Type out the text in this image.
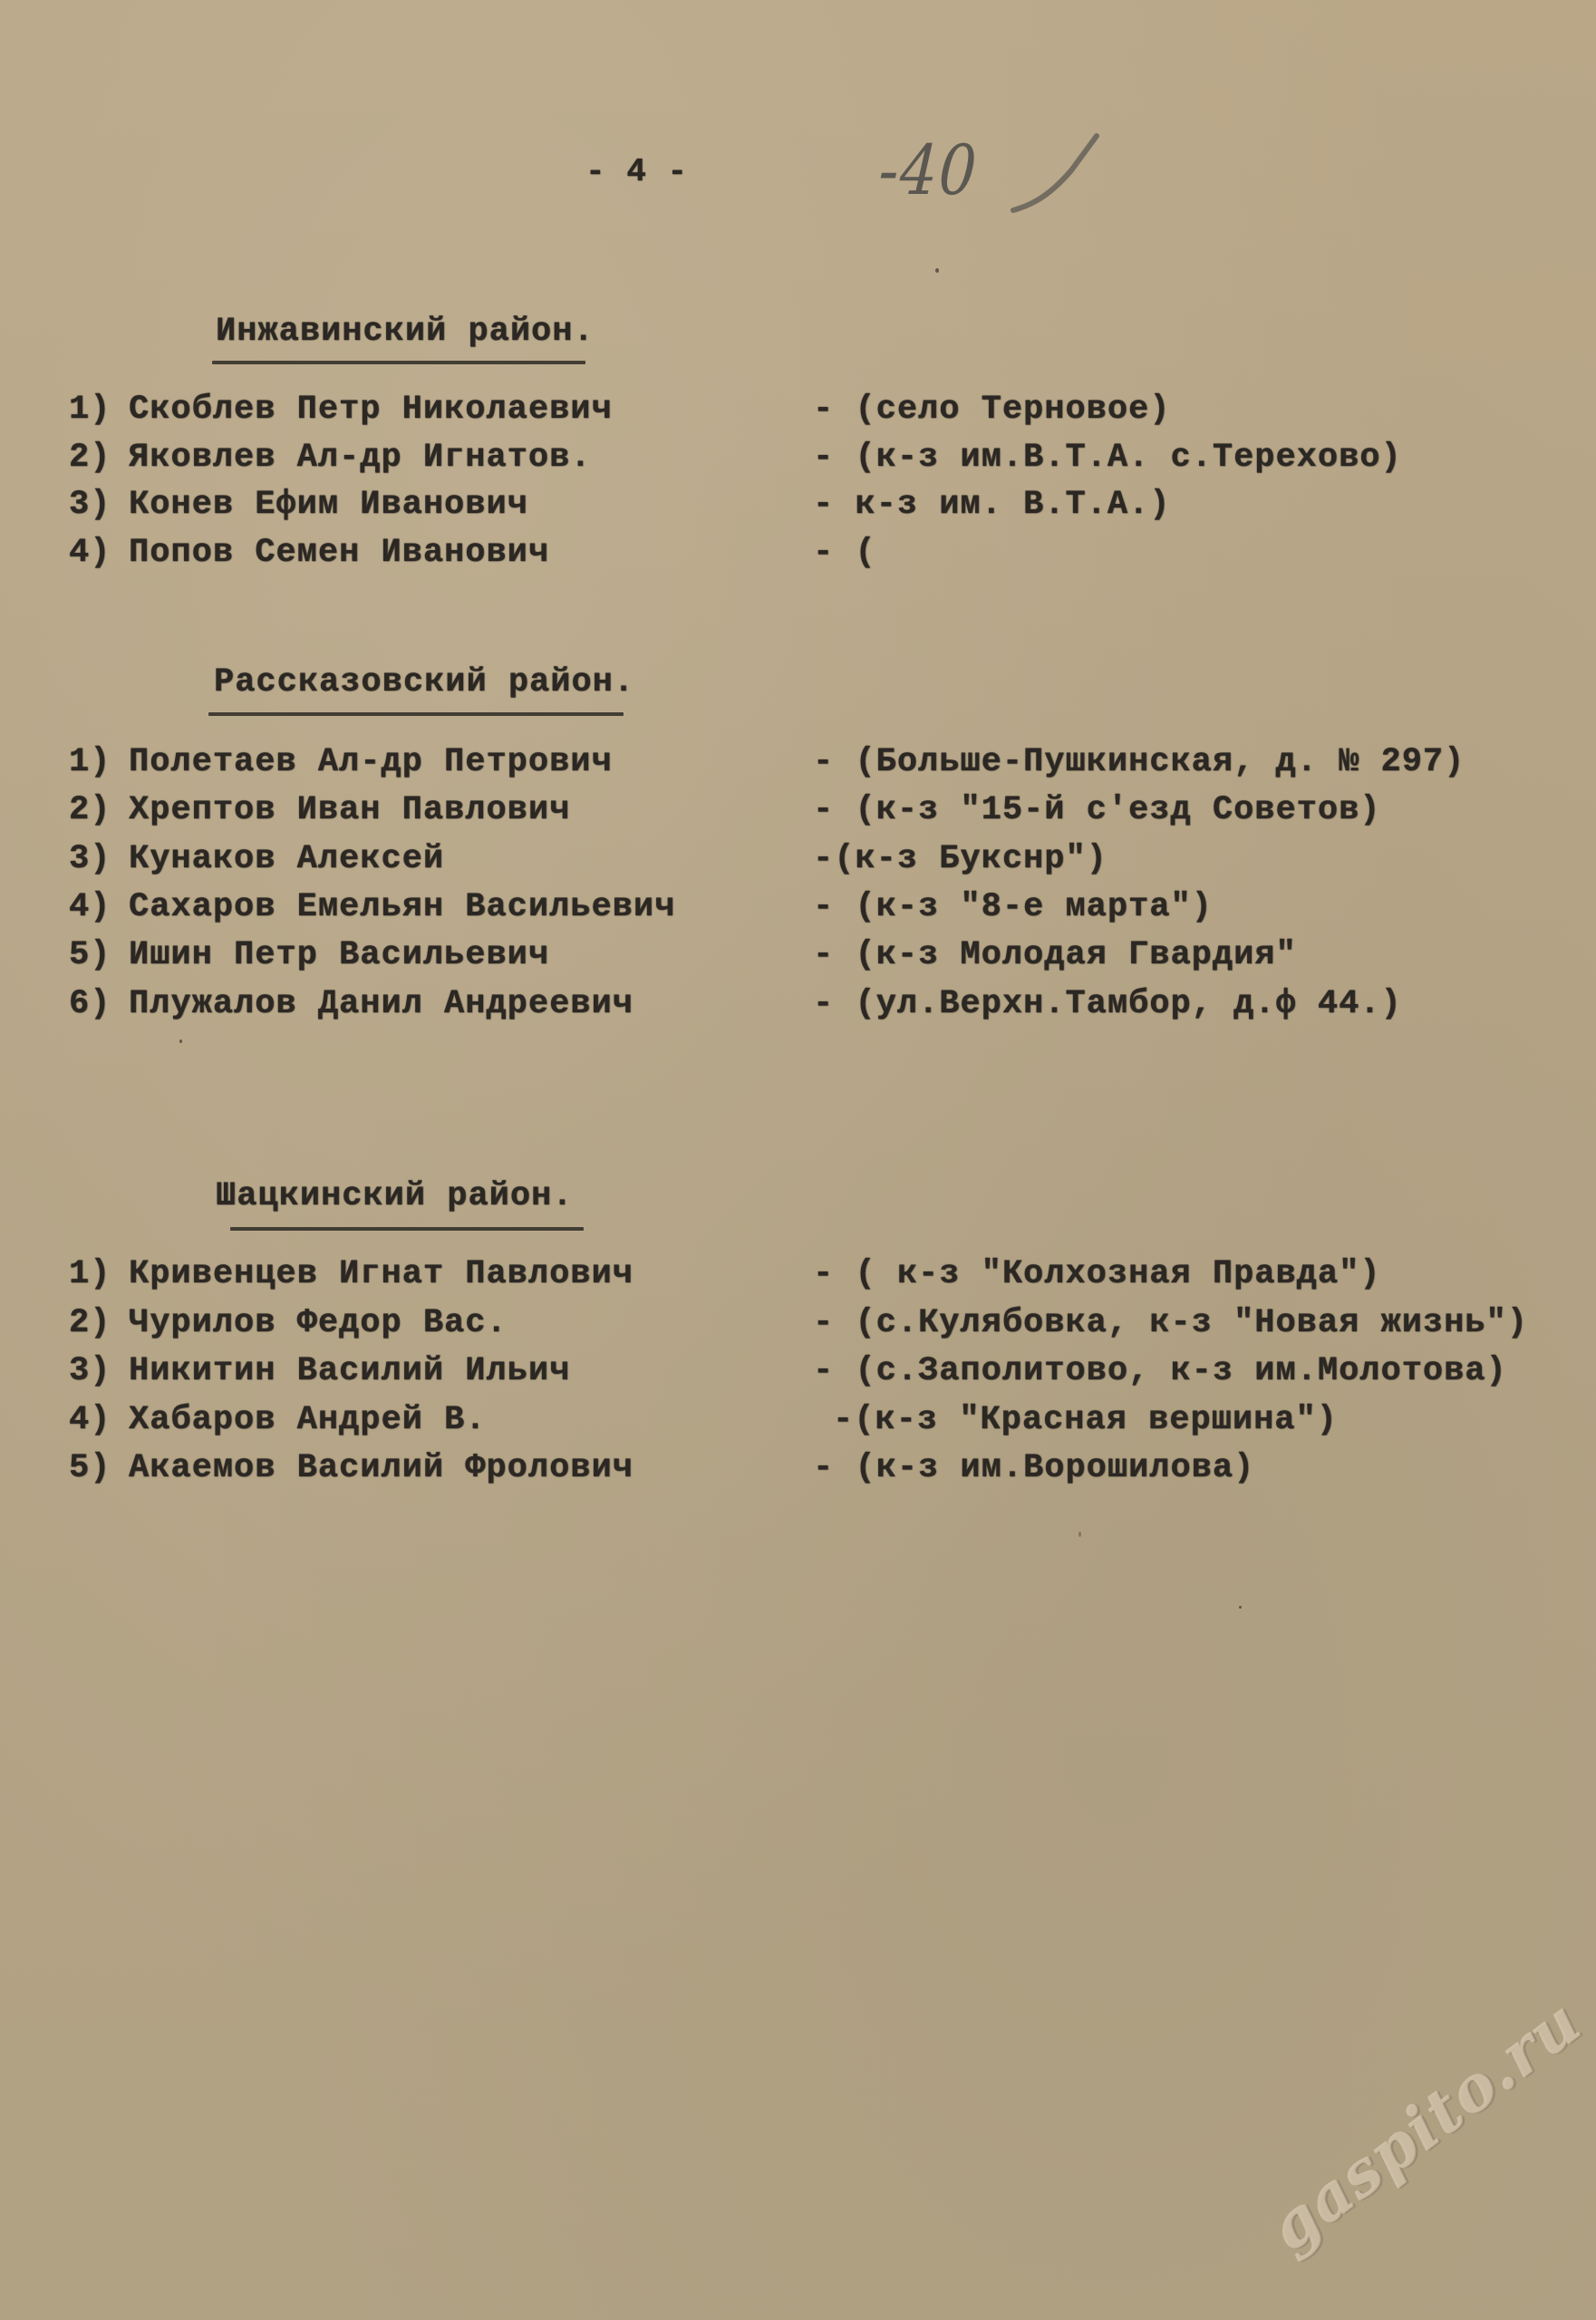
- 4 -	-40
Инжавинский район.
1) Скоблев Петр Николаевич	- (село Терновое)
2) Яковлев Ал-др Игнатов.	- (к-з им.В.Т.А. с.Терехово)
3) Конев Ефим Иванович	- к-з им. В.Т.А.)
4) Попов Семен Иванович	- (
Рассказовский район.
1) Полетаев Ал-др Петрович	- (Больше-Пушкинская, д. № 297)
2) Хрептов Иван Павлович	- (к-з "15-й с'езд Советов)
3) Кунаков Алексей	-(к-з Букснр")
4) Сахаров Емельян Васильевич	- (к-з "8-е марта")
5) Ишин Петр Васильевич	- (к-з Молодая Гвардия"
6) Плужалов Данил Андреевич	- (ул.Верхн.Тамбор, д.ф 44.)
Шацкинский район.
1) Кривенцев Игнат Павлович	- ( к-з "Колхозная Правда")
2) Чурилов Федор Вас.	- (с.Кулябовка, к-з "Новая жизнь")
3) Никитин Василий Ильич	- (с.Заполитово, к-з им.Молотова)
4) Хабаров Андрей В.	-(к-з "Красная вершина")
5) Акаемов Василий Фролович	- (к-з им.Ворошилова)
gaspito.ru
